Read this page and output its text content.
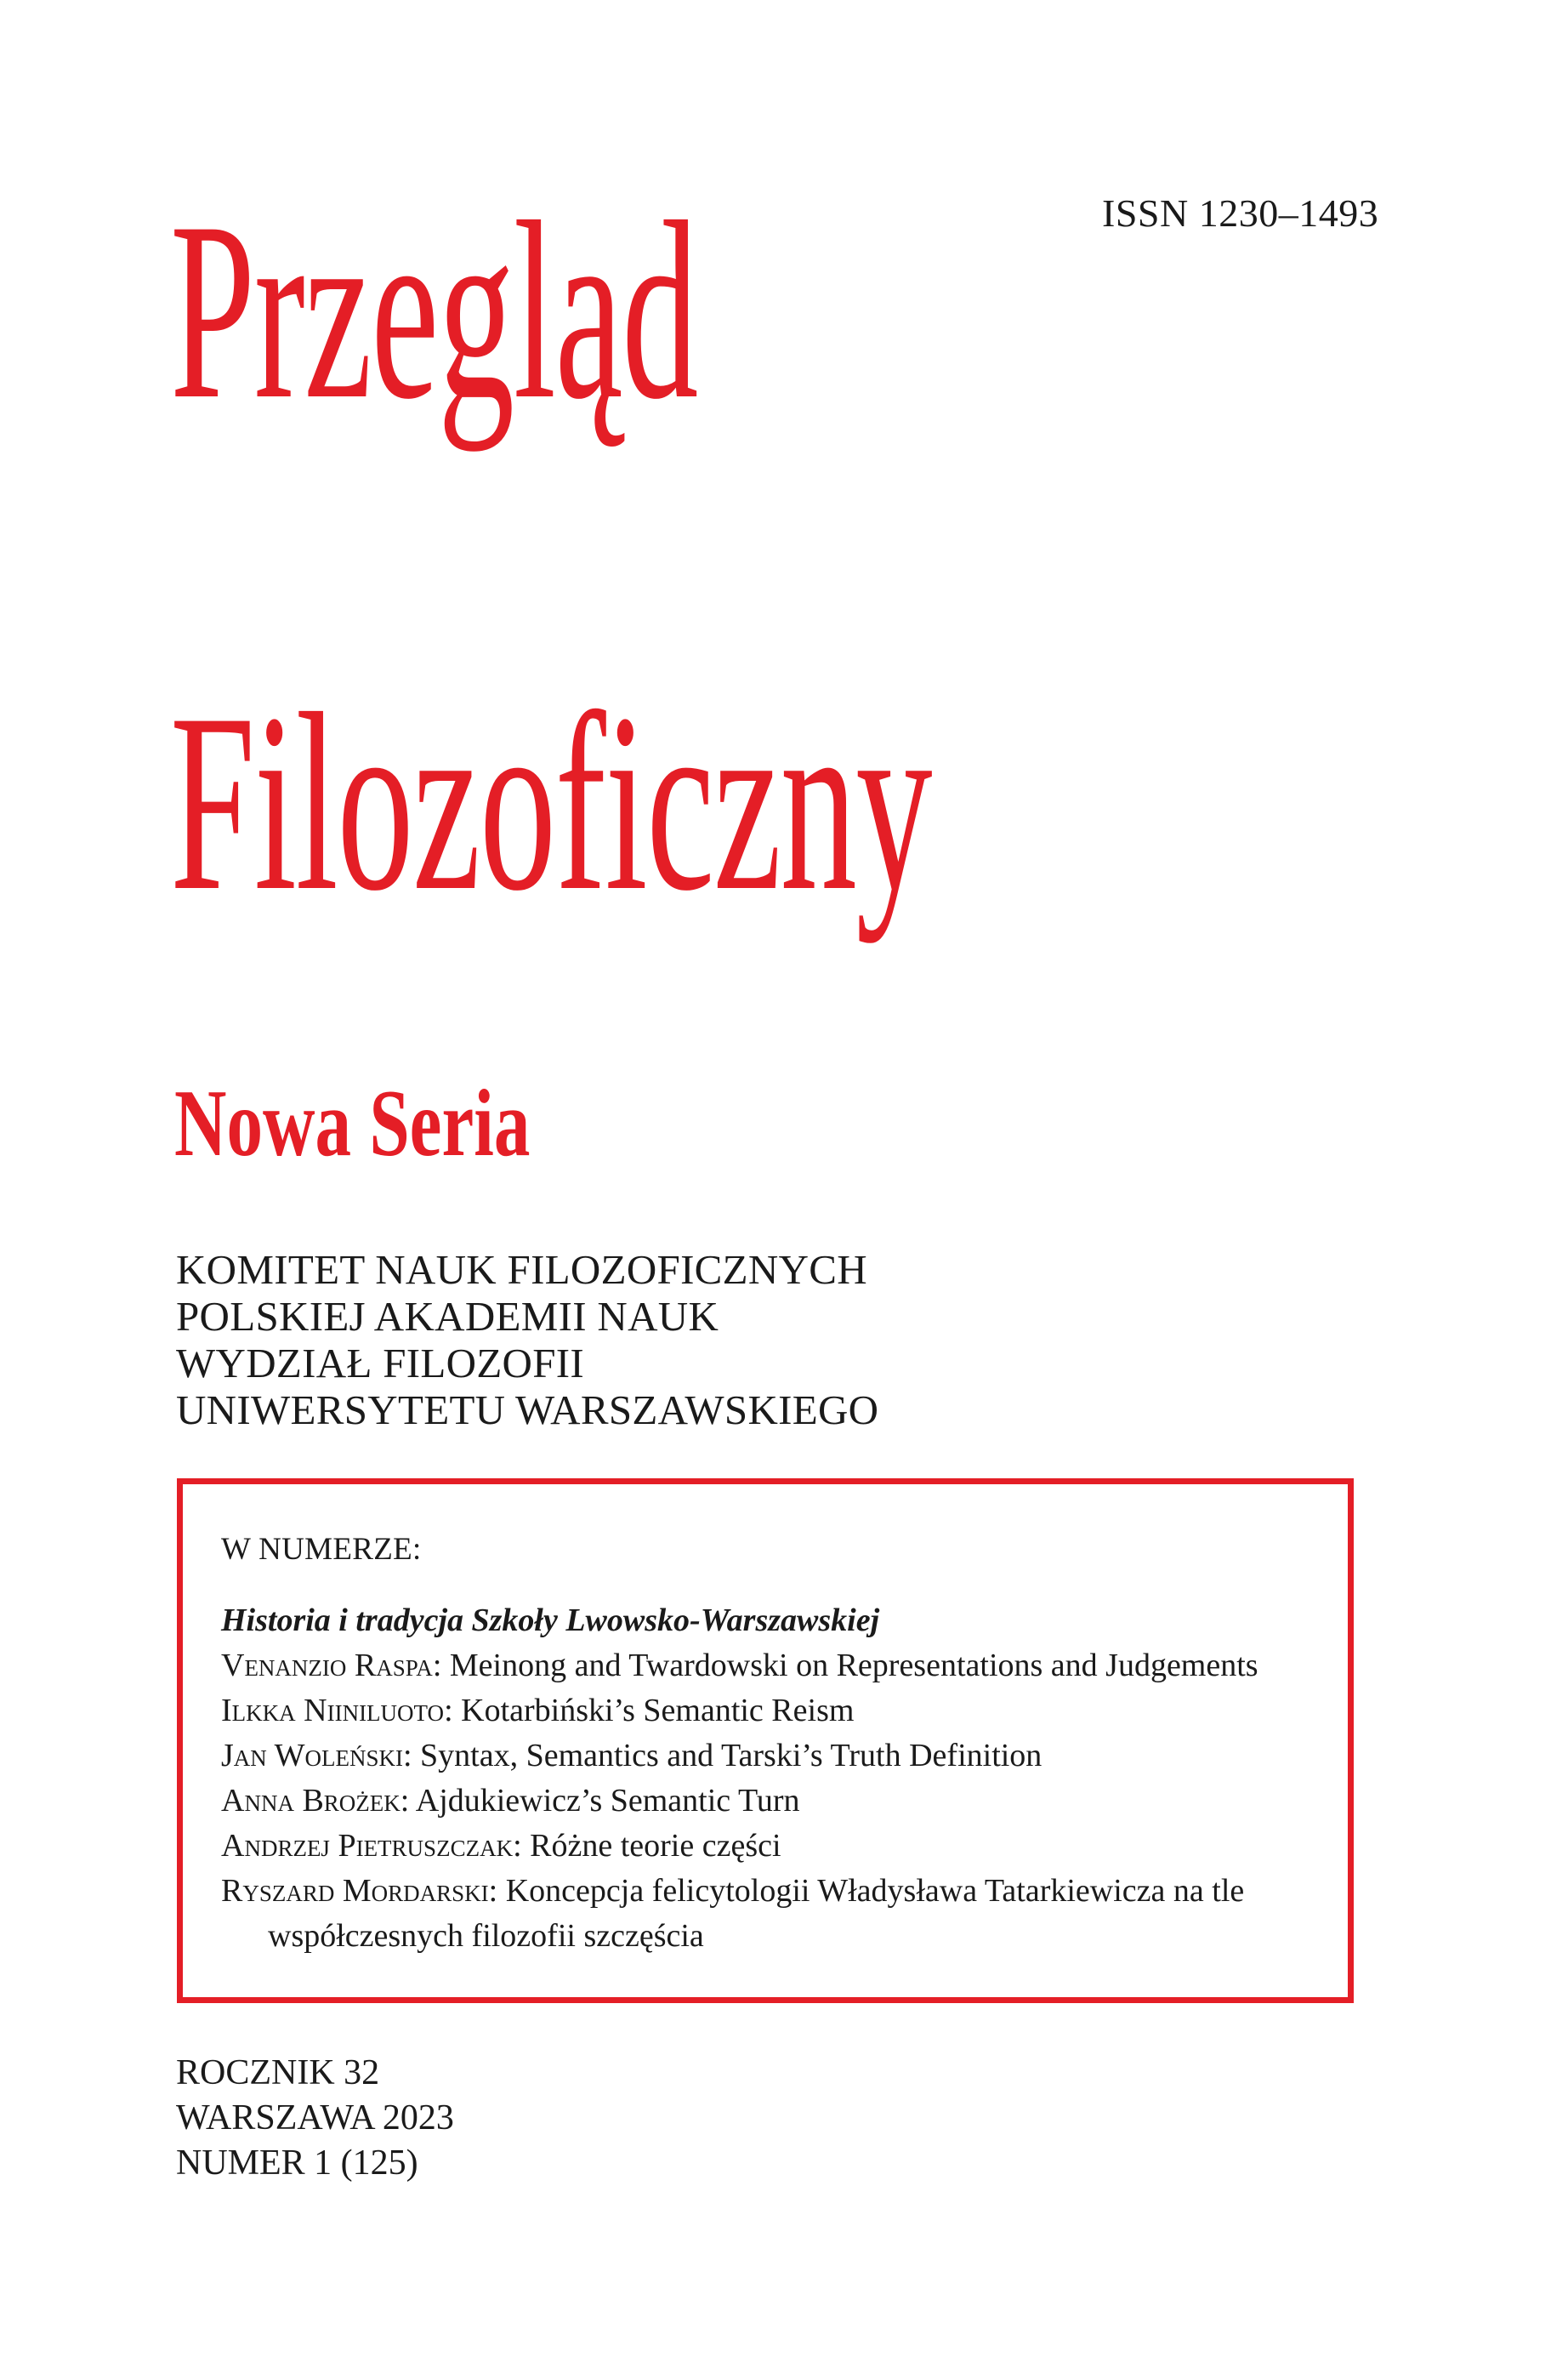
ISSN 1230–1493
Przegląd
Filozoficzny
Nowa Seria
KOMITET NAUK FILOZOFICZNYCH
POLSKIEJ AKADEMII NAUK
WYDZIAŁ FILOZOFII
UNIWERSYTETU WARSZAWSKIEGO
W NUMERZE:
Historia i tradycja Szkoły Lwowsko-Warszawskiej
Venanzio Raspa: Meinong and Twardowski on Representations and Judgements
Ilkka Niiniluoto: Kotarbiński’s Semantic Reism
Jan Woleński: Syntax, Semantics and Tarski’s Truth Definition
Anna Brożek: Ajdukiewicz’s Semantic Turn
Andrzej Pietruszczak: Różne teorie części
Ryszard Mordarski: Koncepcja felicytologii Władysława Tatarkiewicza na tle
współczesnych filozofii szczęścia
ROCZNIK 32
WARSZAWA 2023
NUMER 1 (125)
